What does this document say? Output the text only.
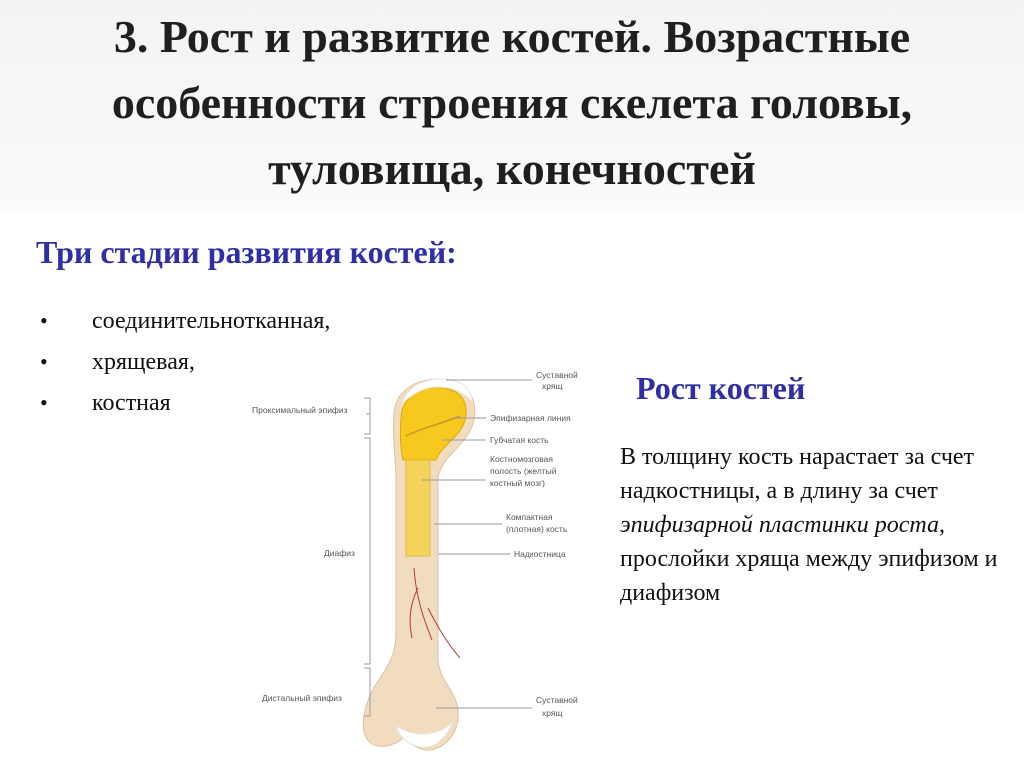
3. Рост и развитие костей. Возрастные
особенности строения скелета головы,
туловища, конечностей
Три стадии развития костей:
• соединительнотканная,
• хрящевая,
• костная	Рост костей

В толщину кость нарастает за счет надкостницы, а в длину за счет эпифизарной пластинки роста, прослойки хряща между эпифизом и диафизом

Проксимальный эпифиз
Диафиз
Дистальный эпифиз
Суставной
хрящ
Эпифизарная линия
Губчатая кость
Костномозговая
полость (желтый
костный мозг)
Компактная
(плотная) кость
Надкостница
Суставной
хрящ
